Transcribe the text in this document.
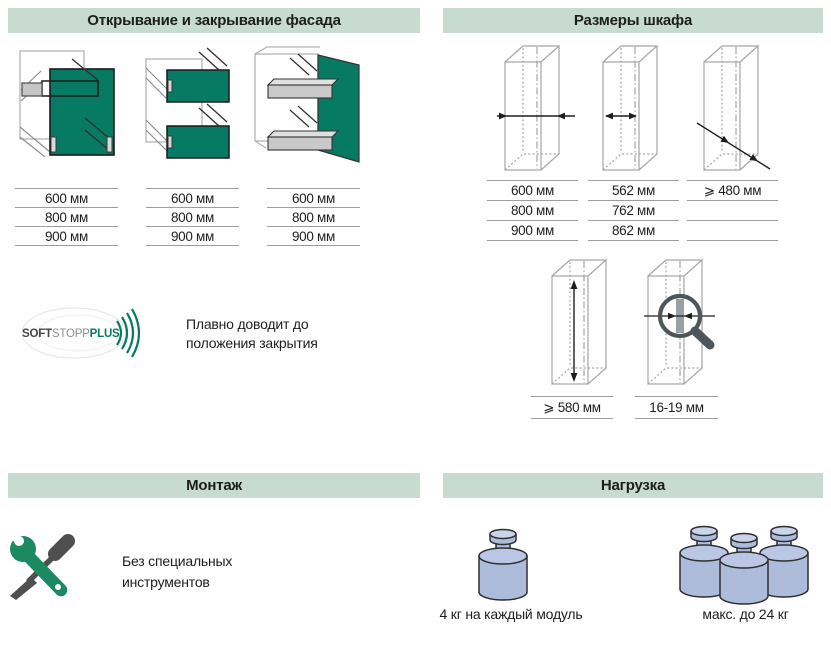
Открывание и закрывание фасада	Размеры шкафа
Монтаж	Нагрузка
600 мм
800 мм
900 мм
600 мм
800 мм
900 мм
600 мм
800 мм
900 мм
SOFTSTOPPPLUS
Плавно доводит до
положения закрытия
600 мм
800 мм
900 мм
562 мм
762 мм
862 мм
⩾ 480 мм
⩾ 580 мм	16-19 мм
Без специальных
инструментов
4 кг на каждый модуль	макс. до 24 кг
